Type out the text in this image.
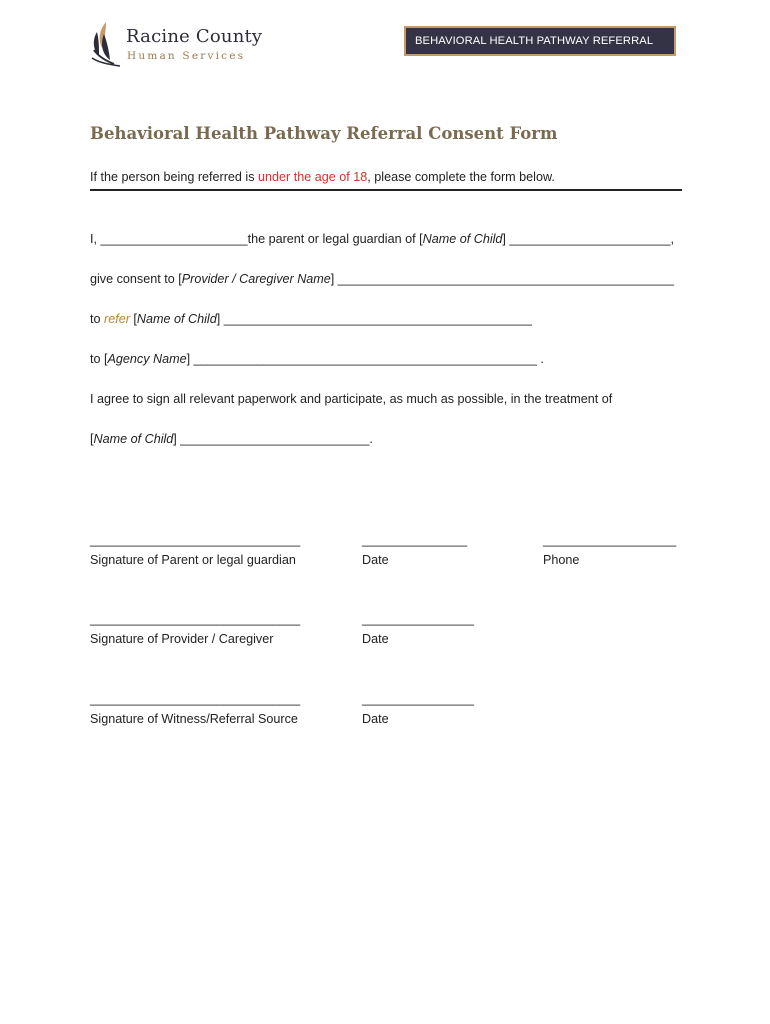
Racine County
Human Services
BEHAVIORAL HEALTH PATHWAY REFERRAL
Behavioral Health Pathway Referral Consent Form
If the person being referred is under the age of 18, please complete the form below.
I, _____________________the parent or legal guardian of [Name of Child] _______________________,
give consent to [Provider / Caregiver Name] ________________________________________________
to refer [Name of Child] ____________________________________________
to [Agency Name] _________________________________________________ .
I agree to sign all relevant paperwork and participate, as much as possible, in the treatment of
[Name of Child] ___________________________.
______________________________
Signature of Parent or legal guardian
_______________
Date
___________________
Phone
______________________________
Signature of Provider / Caregiver
________________
Date
______________________________
Signature of Witness/Referral Source
________________
Date
